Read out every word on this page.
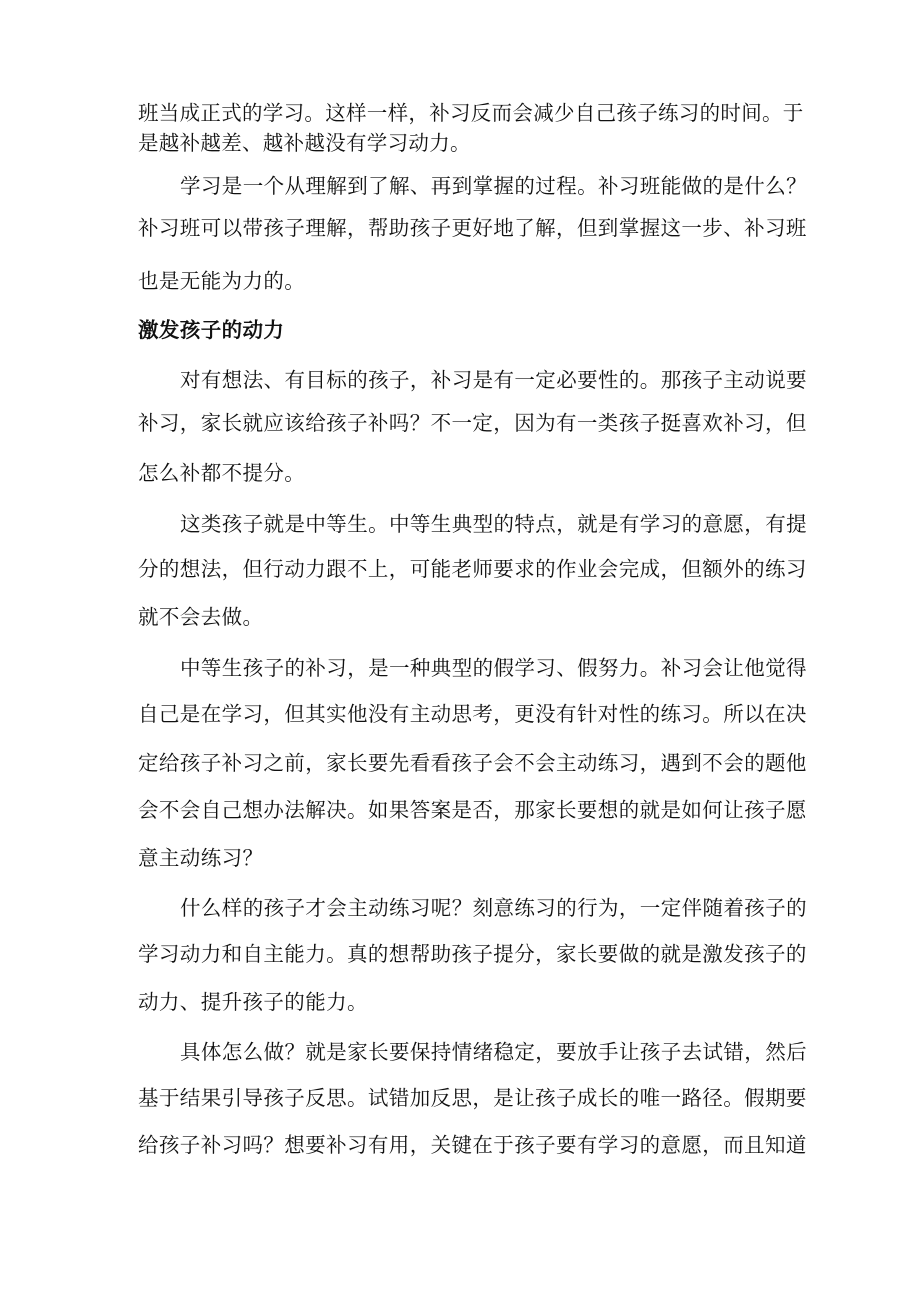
班当成正式的学习。这样一样，补习反而会减少自己孩子练习的时间。于
是越补越差、越补越没有学习动力。
学习是一个从理解到了解、再到掌握的过程。补习班能做的是什么？
补习班可以带孩子理解，帮助孩子更好地了解，但到掌握这一步、补习班
也是无能为力的。
激发孩子的动力
对有想法、有目标的孩子，补习是有一定必要性的。那孩子主动说要
补习，家长就应该给孩子补吗？不一定，因为有一类孩子挺喜欢补习，但
怎么补都不提分。
这类孩子就是中等生。中等生典型的特点，就是有学习的意愿，有提
分的想法，但行动力跟不上，可能老师要求的作业会完成，但额外的练习
就不会去做。
中等生孩子的补习，是一种典型的假学习、假努力。补习会让他觉得
自己是在学习，但其实他没有主动思考，更没有针对性的练习。所以在决
定给孩子补习之前，家长要先看看孩子会不会主动练习，遇到不会的题他
会不会自己想办法解决。如果答案是否，那家长要想的就是如何让孩子愿
意主动练习？
什么样的孩子才会主动练习呢？刻意练习的行为，一定伴随着孩子的
学习动力和自主能力。真的想帮助孩子提分，家长要做的就是激发孩子的
动力、提升孩子的能力。
具体怎么做？就是家长要保持情绪稳定，要放手让孩子去试错，然后
基于结果引导孩子反思。试错加反思，是让孩子成长的唯一路径。假期要
给孩子补习吗？想要补习有用，关键在于孩子要有学习的意愿，而且知道
